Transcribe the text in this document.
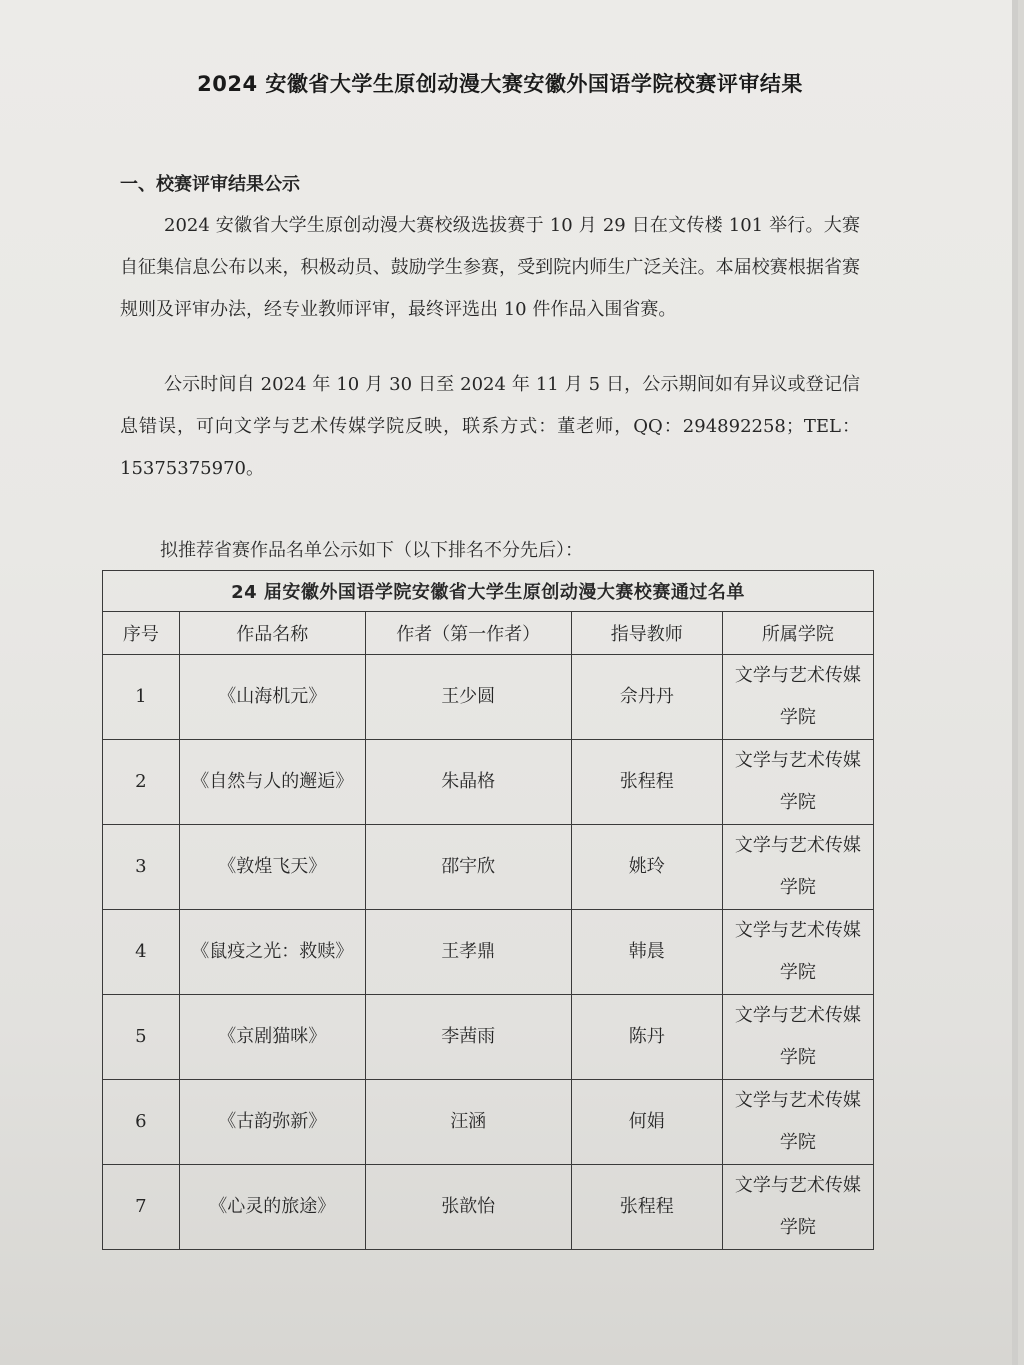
2024 安徽省大学生原创动漫大赛安徽外国语学院校赛评审结果
一、校赛评审结果公示

2024 安徽省大学生原创动漫大赛校级选拔赛于 10 月 29 日在文传楼 101 举行。大赛自征集信息公布以来，积极动员、鼓励学生参赛，受到院内师生广泛关注。本届校赛根据省赛规则及评审办法，经专业教师评审，最终评选出 10 件作品入围省赛。

公示时间自 2024 年 10 月 30 日至 2024 年 11 月 5 日，公示期间如有异议或登记信息错误，可向文学与艺术传媒学院反映，联系方式：董老师，QQ：294892258；TEL：15375375970。

拟推荐省赛作品名单公示如下（以下排名不分先后）：
24 届安徽外国语学院安徽省大学生原创动漫大赛校赛通过名单				
序号	作品名称	作者（第一作者）	指导教师	所属学院
1	《山海机元》	王少圆	佘丹丹	文学与艺术传媒学院
2	《自然与人的邂逅》	朱晶格	张程程	文学与艺术传媒学院
3	《敦煌飞天》	邵宇欣	姚玲	文学与艺术传媒学院
4	《鼠疫之光：救赎》	王孝鼎	韩晨	文学与艺术传媒学院
5	《京剧猫咪》	李茜雨	陈丹	文学与艺术传媒学院
6	《古韵弥新》	汪涵	何娟	文学与艺术传媒学院
7	《心灵的旅途》	张歆怡	张程程	文学与艺术传媒学院
